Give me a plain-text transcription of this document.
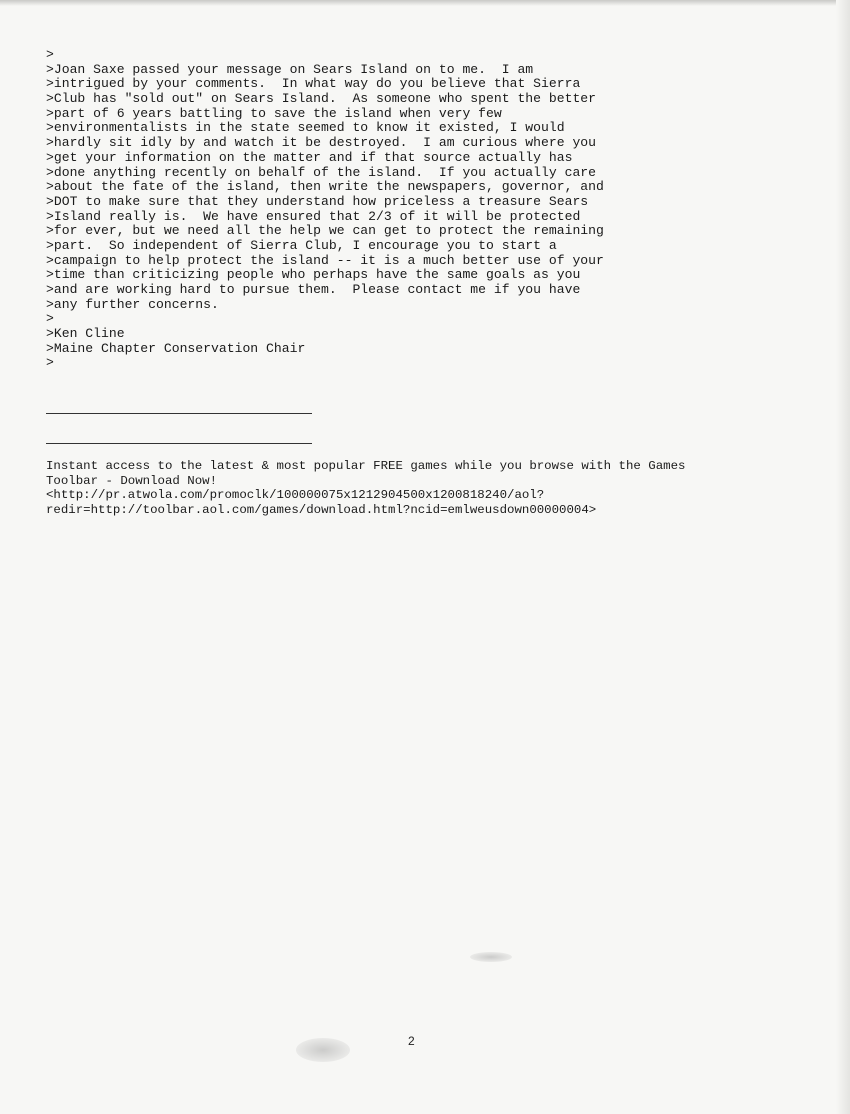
>
>Joan Saxe passed your message on Sears Island on to me.  I am
>intrigued by your comments.  In what way do you believe that Sierra
>Club has "sold out" on Sears Island.  As someone who spent the better
>part of 6 years battling to save the island when very few
>environmentalists in the state seemed to know it existed, I would
>hardly sit idly by and watch it be destroyed.  I am curious where you
>get your information on the matter and if that source actually has
>done anything recently on behalf of the island.  If you actually care
>about the fate of the island, then write the newspapers, governor, and
>DOT to make sure that they understand how priceless a treasure Sears
>Island really is.  We have ensured that 2/3 of it will be protected
>for ever, but we need all the help we can get to protect the remaining
>part.  So independent of Sierra Club, I encourage you to start a
>campaign to help protect the island -- it is a much better use of your
>time than criticizing people who perhaps have the same goals as you
>and are working hard to pursue them.  Please contact me if you have
>any further concerns.
>
>Ken Cline
>Maine Chapter Conservation Chair
>
Instant access to the latest & most popular FREE games while you browse with the Games
Toolbar - Download Now!
<http://pr.atwola.com/promoclk/100000075x1212904500x1200818240/aol?
redir=http://toolbar.aol.com/games/download.html?ncid=emlweusdown00000004>
2
